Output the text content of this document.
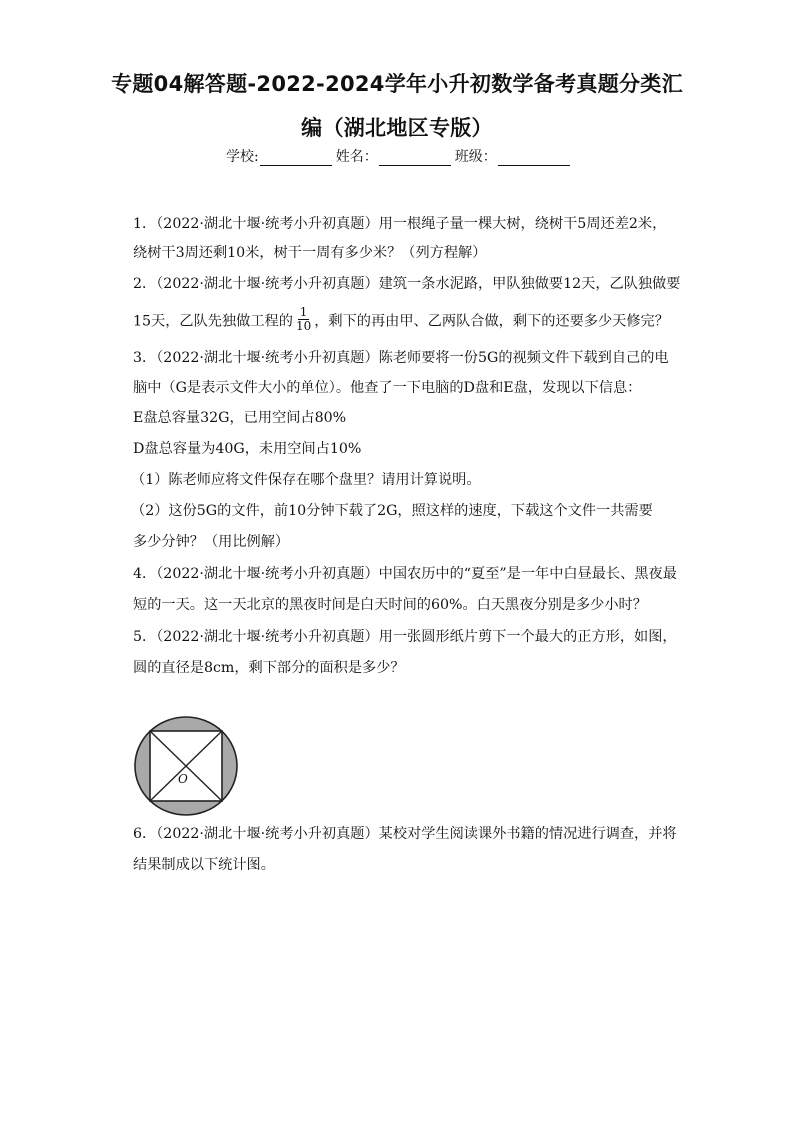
专题04解答题-2022-2024学年小升初数学备考真题分类汇
编（湖北地区专版）
学校:	姓名：	班级：
1．（2022·湖北十堰·统考小升初真题）用一根绳子量一棵大树，绕树干5周还差2米，
绕树干3周还剩10米，树干一周有多少米？（列方程解）
2．（2022·湖北十堰·统考小升初真题）建筑一条水泥路，甲队独做要12天，乙队独做要
15天，乙队先独做工程的 $\frac{1}{10}$ ，剩下的再由甲、乙两队合做，剩下的还要多少天修完？
3．（2022·湖北十堰·统考小升初真题）陈老师要将一份5G的视频文件下载到自己的电
脑中（G是表示文件大小的单位）。他查了一下电脑的D盘和E盘，发现以下信息：
E盘总容量32G，已用空间占80%
D盘总容量为40G，未用空间占10%
（1）陈老师应将文件保存在哪个盘里？请用计算说明。
（2）这份5G的文件，前10分钟下载了2G，照这样的速度，下载这个文件一共需要
多少分钟？（用比例解）
4．（2022·湖北十堰·统考小升初真题）中国农历中的“夏至”是一年中白昼最长、黑夜最
短的一天。这一天北京的黑夜时间是白天时间的60%。白天黑夜分别是多少小时？
5．（2022·湖北十堰·统考小升初真题）用一张圆形纸片剪下一个最大的正方形，如图，
圆的直径是8cm，剩下部分的面积是多少？
O
6．（2022·湖北十堰·统考小升初真题）某校对学生阅读课外书籍的情况进行调查，并将
结果制成以下统计图。
